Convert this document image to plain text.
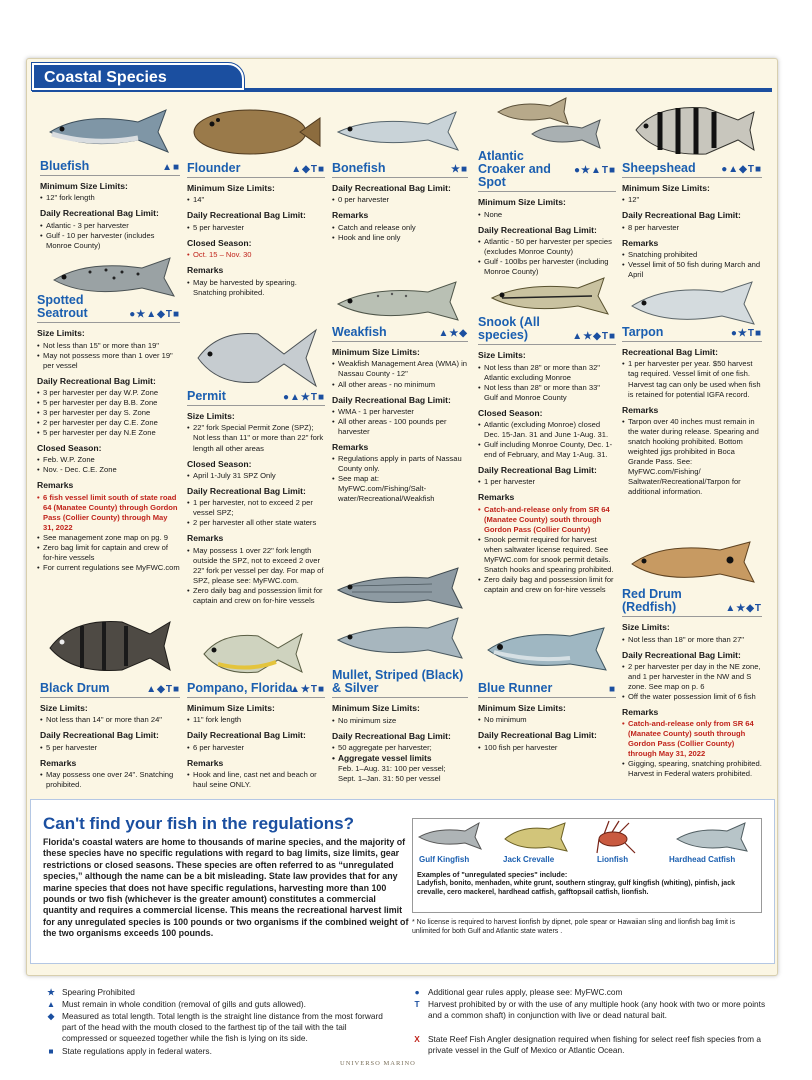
Coastal Species
Bluefish	▲■
Minimum Size Limits:
• 12" fork length
Daily Recreational Bag Limit:
• Atlantic - 3 per harvester
• Gulf - 10 per harvester (includes Monroe County)
Flounder	▲◆T■
Minimum Size Limits:
• 14"
Daily Recreational Bag Limit:
• 5 per harvester
Closed Season:
• Oct. 15 – Nov. 30
Remarks
• May be harvested by spearing. Snatching prohibited.
Bonefish	★■
Daily Recreational Bag Limit:
• 0 per harvester
Remarks
• Catch and release only
• Hook and line only
Atlantic Croaker and Spot
●★▲T■
Minimum Size Limits:
• None
Daily Recreational Bag Limit:
• Atlantic - 50 per harvester per species (excludes Monroe County)
• Gulf - 100lbs per harvester (including Monroe County)
Sheepshead	●▲◆T■
Minimum Size Limits:
• 12"
Daily Recreational Bag Limit:
• 8 per harvester
Remarks
• Snatching prohibited
• Vessel limit of 50 fish during March and April
Spotted Seatrout	●★▲◆T■
Size Limits:
• Not less than 15" or more than 19"
• May not possess more than 1 over 19" per vessel
Daily Recreational Bag Limit:
• 3 per harvester per day W.P. Zone
• 5 per harvester per day B.B. Zone
• 3 per harvester per day S. Zone
• 2 per harvester per day C.E. Zone
• 5 per harvester per day N.E Zone
Closed Season:
• Feb. W.P. Zone
• Nov. - Dec. C.E. Zone
Remarks
• 6 fish vessel limit south of state road 64 (Manatee County) through Gordon Pass (Collier County) through May 31, 2022
• See management zone map on pg. 9
• Zero bag limit for captain and crew of for-hire vessels
• For current regulations see MyFWC.com
Permit	●▲★T■
Size Limits:
• 22" fork Special Permit Zone (SPZ); Not less than 11" or more than 22" fork length all other areas
Closed Season:
• April 1-July 31 SPZ Only
Daily Recreational Bag Limit:
• 1 per harvester, not to exceed 2 per vessel SPZ;
• 2 per harvester all other state waters
Remarks
• May possess 1 over 22" fork length outside the SPZ, not to exceed 2 over 22" fork per vessel per day. For map of SPZ, please see: MyFWC.com.
• Zero daily bag and possession limit for captain and crew on for-hire vessels
Weakfish	▲★◆
Minimum Size Limits:
• Weakfish Management Area (WMA) in Nassau County - 12"
• All other areas - no minimum
Daily Recreational Bag Limit:
• WMA - 1 per harvester
• All other areas - 100 pounds per harvester
Remarks
• Regulations apply in parts of Nassau County only.
• See map at: MyFWC.com/Fishing/Salt-water/Recreational/Weakfish
Snook (All species)	▲★◆T■
Size Limits:
• Not less than 28" or more than 32" Atlantic excluding Monroe
• Not less than 28" or more than 33" Gulf and Monroe County
Closed Season:
• Atlantic (excluding Monroe) closed Dec. 15-Jan. 31 and June 1-Aug. 31.
• Gulf including Monroe County, Dec. 1-end of February, and May 1-Aug. 31.
Daily Recreational Bag Limit:
• 1 per harvester
Remarks
• Catch-and-release only from SR 64 (Manatee County) south through Gordon Pass (Collier County)
• Snook permit required for harvest when saltwater license required. See MyFWC.com for snook permit details. Snatch hooks and spearing prohibited.
• Zero daily bag and possession limit for captain and crew on for-hire vessels
Tarpon	●★T■
Recreational Bag Limit:
• 1 per harvester per year. $50 harvest tag required. Vessel limit of one fish. Harvest tag can only be used when fish is retained for potential IGFA record.
Remarks
• Tarpon over 40 inches must remain in the water during release. Spearing and snatch hooking prohibited. Bottom weighted jigs prohibited in Boca Grande Pass. See: MyFWC.com/Fishing/ Saltwater/Recreational/Tarpon for additional information.
Red Drum (Redfish)	▲★◆T
Size Limits:
• Not less than 18" or more than 27"
Daily Recreational Bag Limit:
• 2 per harvester per day in the NE zone, and 1 per harvester in the NW and S zone. See map on p. 6
• Off the water possession limit of 6 fish
Remarks
• Catch-and-release only from SR 64 (Manatee County) south through Gordon Pass (Collier County) through May 31, 2022
• Gigging, spearing, snatching prohibited. Harvest in Federal waters prohibited.
Black Drum	▲◆T■
Size Limits:
• Not less than 14" or more than 24"
Daily Recreational Bag Limit:
• 5 per harvester
Remarks
• May possess one over 24". Snatching prohibited.
Pompano, Florida
▲★T■
Minimum Size Limits:
• 11" fork length
Daily Recreational Bag Limit:
• 6 per harvester
Remarks
• Hook and line, cast net and beach or haul seine ONLY.
Mullet, Striped (Black) & Silver
Minimum Size Limits:
• No minimum size
Daily Recreational Bag Limit:
• 50 aggregate per harvester;
• Aggregate vessel limits
Feb. 1–Aug. 31: 100 per vessel;
Sept. 1–Jan. 31: 50 per vessel
Blue Runner	■
Minimum Size Limits:
• No minimum
Daily Recreational Bag Limit:
• 100 fish per harvester
Can't find your fish in the regulations?
Florida's coastal waters are home to thousands of marine species, and the majority of these species have no specific regulations with regard to bag limits, size limits, gear restrictions or closed seasons. These species are often referred to as “unregulated species,” although the name can be a bit misleading. State law provides that for any marine species that does not have specific regulations, harvesting more than 100 pounds or two fish (whichever is the greater amount) constitutes a commercial quantity and requires a commercial license. This means the recreational harvest limit for any unregulated species is 100 pounds or two organisms if the combined weight of the two organisms exceeds 100 pounds.
Gulf Kingfish	Jack Crevalle	Lionfish	Hardhead Catfish
Examples of "unregulated species" include:
Ladyfish, bonito, menhaden, white grunt, southern stingray, gulf kingfish (whiting), pinfish, jack crevalle, cero mackerel, hardhead catfish, gafftopsail catfish, lionfish.
* No license is required to harvest lionfish by dipnet, pole spear or Hawaiian sling and lionfish bag limit is unlimited for both Gulf and Atlantic state waters .
★ Spearing Prohibited
▲ Must remain in whole condition (removal of gills and guts allowed).
◆ Measured as total length. Total length is the straight line distance from the most forward part of the head with the mouth closed to the farthest tip of the tail with the tail compressed or squeezed together while the fish is lying on its side.
■	State regulations apply in federal waters.
●	Additional gear rules apply, please see: MyFWC.com
T	Harvest prohibited by or with the use of any multiple hook (any hook with two or more points and a common shaft) in conjunction with live or dead natural bait.
X State Reef Fish Angler designation required when fishing for select reef fish species from a private vessel in the Gulf of Mexico or Atlantic Ocean.
UNIVERSO MARINO
